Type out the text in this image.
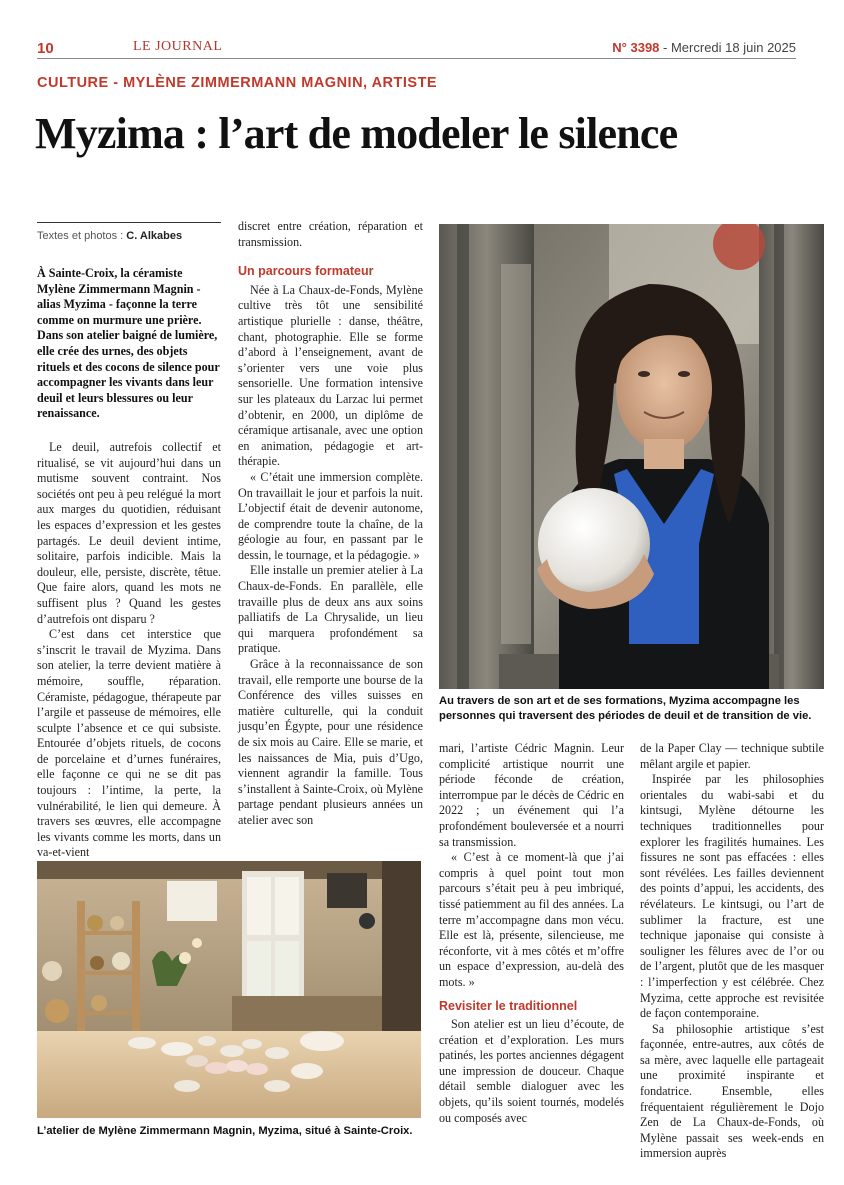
10	LE JOURNAL	N° 3398 - Mercredi 18 juin 2025
CULTURE - MYLÈNE ZIMMERMANN MAGNIN, ARTISTE
Myzima : l’art de modeler le silence
Textes et photos : C. Alkabes
À Sainte-Croix, la céramiste Mylène Zimmermann Magnin - alias Myzima - façonne la terre comme on murmure une prière. Dans son atelier baigné de lumière, elle crée des urnes, des objets rituels et des cocons de silence pour accompagner les vivants dans leur deuil et leurs blessures ou leur renaissance.

Le deuil, autrefois collectif et ritualisé, se vit aujourd’hui dans un mutisme souvent contraint. Nos sociétés ont peu à peu relégué la mort aux marges du quotidien, réduisant les espaces d’expression et les gestes partagés. Le deuil devient intime, solitaire, parfois indicible. Mais la douleur, elle, persiste, discrète, têtue. Que faire alors, quand les mots ne suffisent plus ? Quand les gestes d’autrefois ont disparu ?

C’est dans cet interstice que s’inscrit le travail de Myzima. Dans son atelier, la terre devient matière à mémoire, souffle, réparation. Céramiste, pédagogue, thérapeute par l’argile et passeuse de mémoires, elle sculpte l’absence et ce qui subsiste. Entourée d’objets rituels, de cocons de porcelaine et d’urnes funéraires, elle façonne ce qui ne se dit pas toujours : l’intime, la perte, la vulnérabilité, le lien qui demeure. À travers ses œuvres, elle accompagne les vivants comme les morts, dans un va-et-vient

discret entre création, réparation et transmission.

Un parcours formateur

Née à La Chaux-de-Fonds, Mylène cultive très tôt une sensibilité artistique plurielle : danse, théâtre, chant, photographie. Elle se forme d’abord à l’enseignement, avant de s’orienter vers une voie plus sensorielle. Une formation intensive sur les plateaux du Larzac lui permet d’obtenir, en 2000, un diplôme de céramique artisanale, avec une option en animation, pédagogie et art-thérapie.

« C’était une immersion complète. On travaillait le jour et parfois la nuit. L’objectif était de devenir autonome, de comprendre toute la chaîne, de la géologie au four, en passant par le dessin, le tournage, et la pédagogie. »

Elle installe un premier atelier à La Chaux-de-Fonds. En parallèle, elle travaille plus de deux ans aux soins palliatifs de La Chrysalide, un lieu qui marquera profondément sa pratique.

Grâce à la reconnaissance de son travail, elle remporte une bourse de la Conférence des villes suisses en matière culturelle, qui la conduit jusqu’en Égypte, pour une résidence de six mois au Caire. Elle se marie, et les naissances de Mia, puis d’Ugo, viennent agrandir la famille. Tous s’installent à Sainte-Croix, où Mylène partage pendant plusieurs années un atelier avec son

Au travers de son art et de ses formations, Myzima accompagne les personnes qui traversent des périodes de deuil et de transition de vie.
L’atelier de Mylène Zimmermann Magnin, Myzima, situé à Sainte-Croix.

mari, l’artiste Cédric Magnin. Leur complicité artistique nourrit une période féconde de création, interrompue par le décès de Cédric en 2022 ; un événement qui l’a profondément bouleversée et a nourri sa transmission.

« C’est à ce moment-là que j’ai compris à quel point tout mon parcours s’était peu à peu imbriqué, tissé patiemment au fil des années. La terre m’accompagne dans mon vécu. Elle est là, présente, silencieuse, me réconforte, vit à mes côtés et m’offre un espace d’expression, au-delà des mots. »

Revisiter le traditionnel

Son atelier est un lieu d’écoute, de création et d’exploration. Les murs patinés, les portes anciennes dégagent une impression de douceur. Chaque détail semble dialoguer avec les objets, qu’ils soient tournés, modelés ou composés avec

de la Paper Clay — technique subtile mêlant argile et papier.

Inspirée par les philosophies orientales du wabi-sabi et du kintsugi, Mylène détourne les techniques traditionnelles pour explorer les fragilités humaines. Les fissures ne sont pas effacées : elles sont révélées. Les failles deviennent des points d’appui, les accidents, des révélateurs. Le kintsugi, ou l’art de sublimer la fracture, est une technique japonaise qui consiste à souligner les fêlures avec de l’or ou de l’argent, plutôt que de les masquer : l’imperfection y est célébrée. Chez Myzima, cette approche est revisitée de façon contemporaine.

Sa philosophie artistique s’est façonnée, entre-autres, aux côtés de sa mère, avec laquelle elle partageait une proximité inspirante et fondatrice. Ensemble, elles fréquentaient régulièrement le Dojo Zen de La Chaux-de-Fonds, où Mylène passait ses week-ends en immersion auprès
